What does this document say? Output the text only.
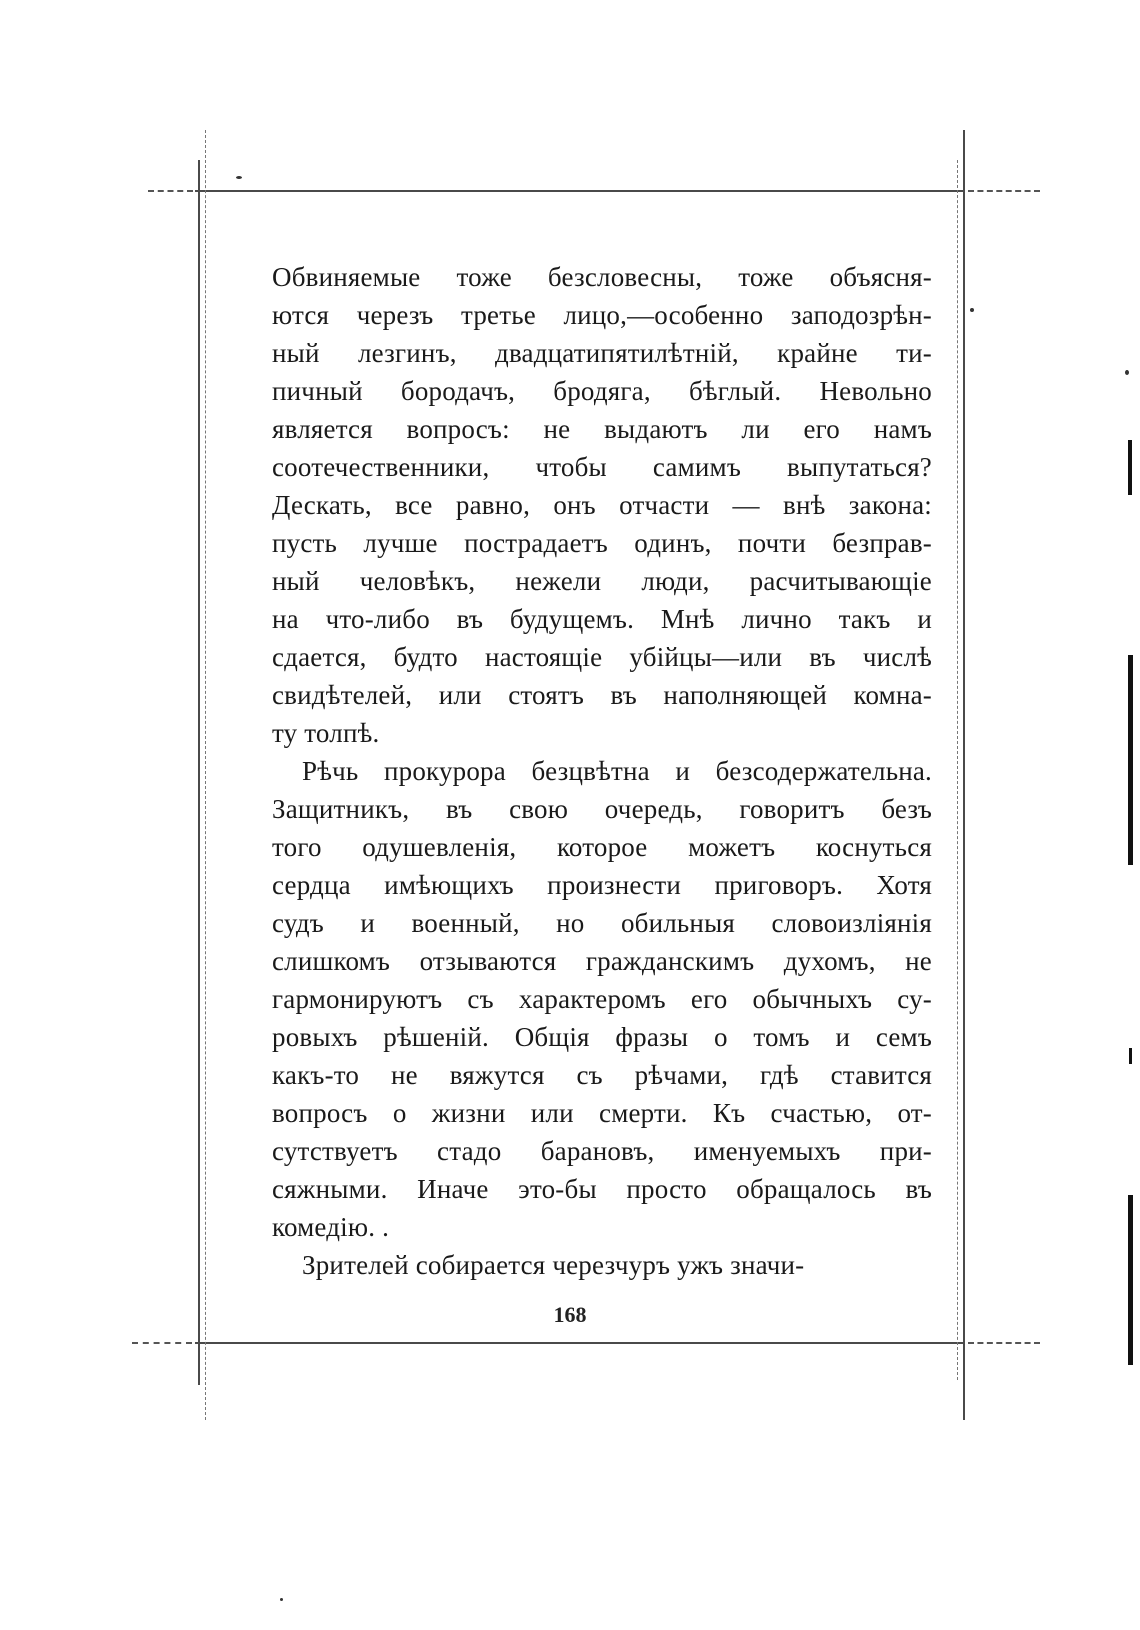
Обвиняемые тоже безсловесны, тоже объясня-
ются черезъ третье лицо,—особенно заподозрѣн-
ный лезгинъ, двадцатипятилѣтній, крайне ти-
пичный бородачъ, бродяга, бѣглый. Невольно
является вопросъ: не выдаютъ ли его намъ
соотечественники, чтобы самимъ выпутаться?
Дескать, все равно, онъ отчасти — внѣ закона:
пусть лучше пострадаетъ одинъ, почти безправ-
ный человѣкъ, нежели люди, расчитывающіе
на что-либо въ будущемъ. Мнѣ лично такъ и
сдается, будто настоящіе убійцы—или въ числѣ
свидѣтелей, или стоятъ въ наполняющей комна-
ту толпѣ.
Рѣчь прокурора безцвѣтна и безсодержательна.
Защитникъ, въ свою очередь, говоритъ безъ
того одушевленія, которое можетъ коснуться
сердца имѣющихъ произнести приговоръ. Хотя
судъ и военный, но обильныя словоизліянія
слишкомъ отзываются гражданскимъ духомъ, не
гармонируютъ съ характеромъ его обычныхъ су-
ровыхъ рѣшеній. Общія фразы о томъ и семъ
какъ-то не вяжутся съ рѣчами, гдѣ ставится
вопросъ о жизни или смерти. Къ счастью, от-
сутствуетъ стадо барановъ, именуемыхъ при-
сяжными. Иначе это-бы просто обращалось въ
комедію. .
Зрителей собирается черезчуръ ужъ значи-
168
